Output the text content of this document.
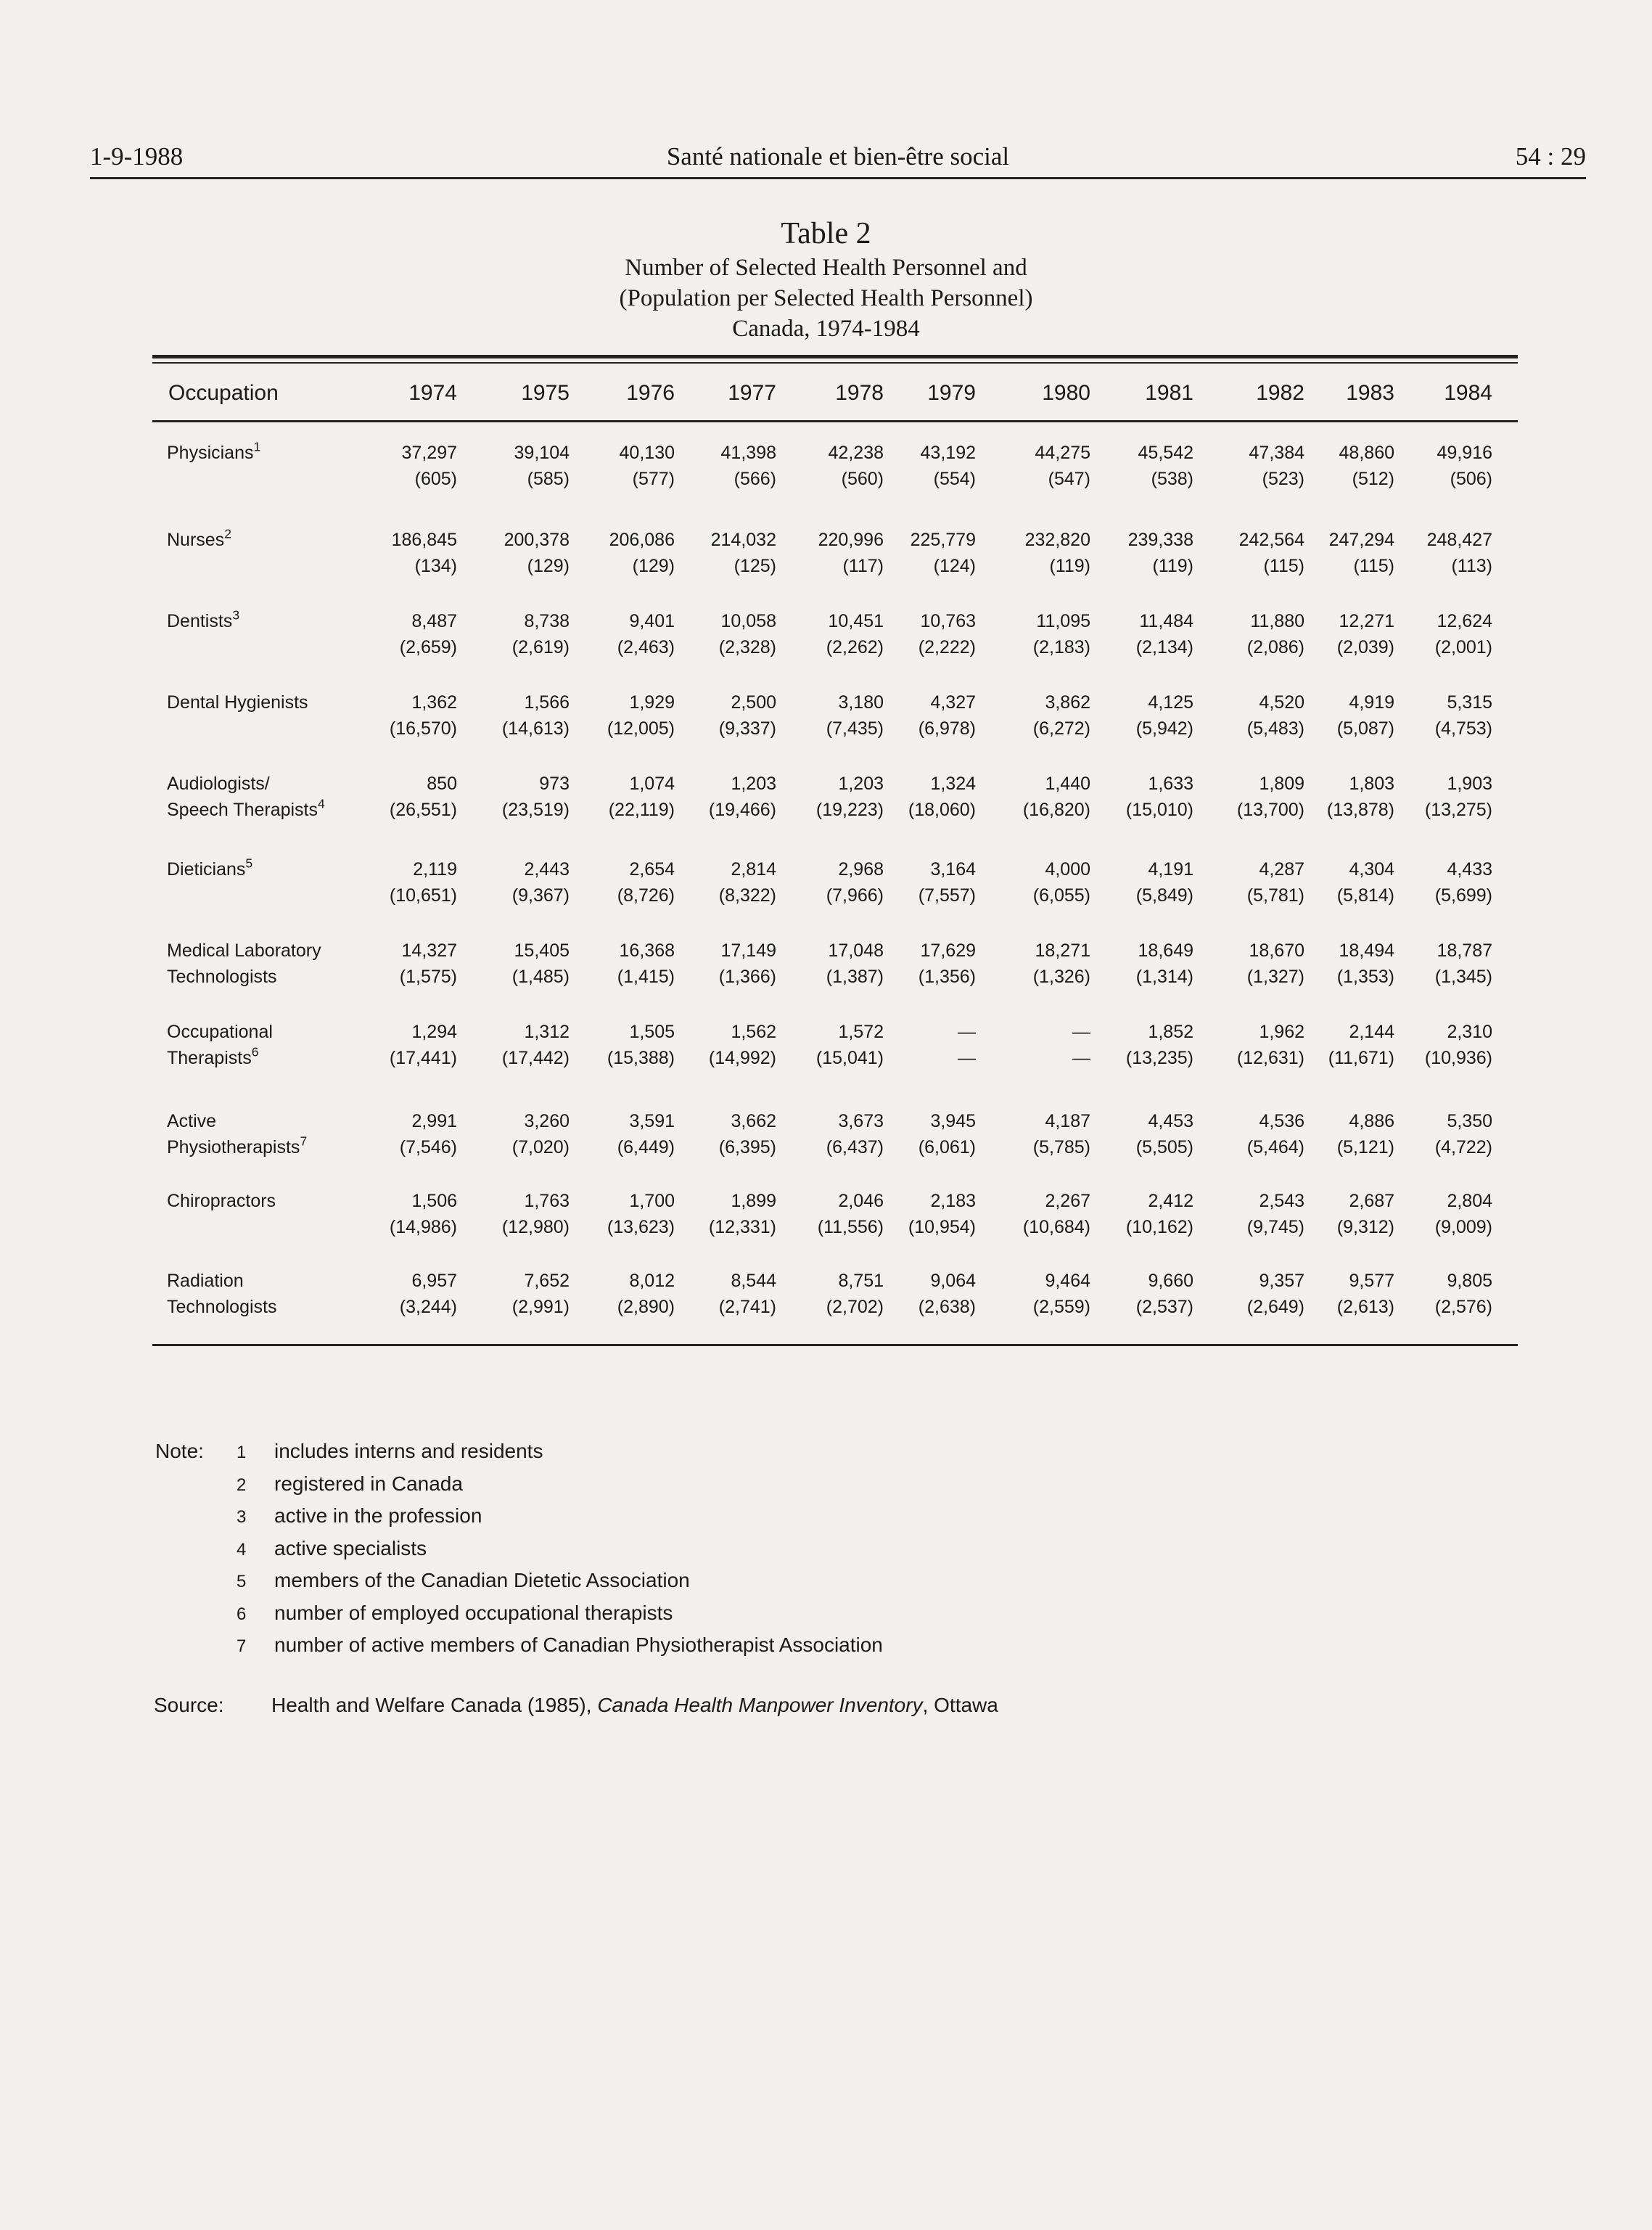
1-9-1988	Santé nationale et bien-être social	54 : 29
Table 2
Number of Selected Health Personnel and
(Population per Selected Health Personnel)
Canada, 1974-1984
Occupation	1974	1975	1976	1977	1978	1979	1980	1981	1982	1983	1984
Physicians$^1$	37,297	39,104	40,130	41,398	42,238	43,192	44,275	45,542	47,384	48,860	49,916
(605)	(585)	(577)	(566)	(560)	(554)	(547)	(538)	(523)	(512)	(506)
Nurses$^2$	186,845	200,378	206,086	214,032	220,996	225,779	232,820	239,338	242,564	247,294	248,427
(134)	(129)	(129)	(125)	(117)	(124)	(119)	(119)	(115)	(115)	(113)
Dentists$^3$	8,487	8,738	9,401	10,058	10,451	10,763	11,095	11,484	11,880	12,271	12,624
(2,659)	(2,619)	(2,463)	(2,328)	(2,262)	(2,222)	(2,183)	(2,134)	(2,086)	(2,039)	(2,001)
Dental Hygienists	1,362	1,566	1,929	2,500	3,180	4,327	3,862	4,125	4,520	4,919	5,315
(16,570)	(14,613)	(12,005)	(9,337)	(7,435)	(6,978)	(6,272)	(5,942)	(5,483)	(5,087)	(4,753)
Audiologists/
Speech Therapists$^4$
850	973	1,074	1,203	1,203	1,324	1,440	1,633	1,809	1,803	1,903
(26,551)	(23,519)	(22,119)	(19,466)	(19,223)	(18,060)	(16,820)	(15,010)	(13,700)	(13,878)	(13,275)
Dieticians$^5$	2,119	2,443	2,654	2,814	2,968	3,164	4,000	4,191	4,287	4,304	4,433
(10,651)	(9,367)	(8,726)	(8,322)	(7,966)	(7,557)	(6,055)	(5,849)	(5,781)	(5,814)	(5,699)
Medical Laboratory
Technologists
14,327	15,405	16,368	17,149	17,048	17,629	18,271	18,649	18,670	18,494	18,787
(1,575)	(1,485)	(1,415)	(1,366)	(1,387)	(1,356)	(1,326)	(1,314)	(1,327)	(1,353)	(1,345)
Occupational
Therapists$^6$
1,294	1,312	1,505	1,562	1,572	—	—	1,852	1,962	2,144	2,310
(17,441)	(17,442)	(15,388)	(14,992)	(15,041)	—	—	(13,235)	(12,631)	(11,671)	(10,936)
Active
Physiotherapists$^7$
2,991	3,260	3,591	3,662	3,673	3,945	4,187	4,453	4,536	4,886	5,350
(7,546)	(7,020)	(6,449)	(6,395)	(6,437)	(6,061)	(5,785)	(5,505)	(5,464)	(5,121)	(4,722)
Chiropractors	1,506	1,763	1,700	1,899	2,046	2,183	2,267	2,412	2,543	2,687	2,804
(14,986)	(12,980)	(13,623)	(12,331)	(11,556)	(10,954)	(10,684)	(10,162)	(9,745)	(9,312)	(9,009)
Radiation
Technologists
6,957	7,652	8,012	8,544	8,751	9,064	9,464	9,660	9,357	9,577	9,805
(3,244)	(2,991)	(2,890)	(2,741)	(2,702)	(2,638)	(2,559)	(2,537)	(2,649)	(2,613)	(2,576)
Note: 1 includes interns and residents
2 registered in Canada
3 active in the profession
4 active specialists
5 members of the Canadian Dietetic Association
6 number of employed occupational therapists
7 number of active members of Canadian Physiotherapist Association
Source: Health and Welfare Canada (1985), Canada Health Manpower Inventory, Ottawa
